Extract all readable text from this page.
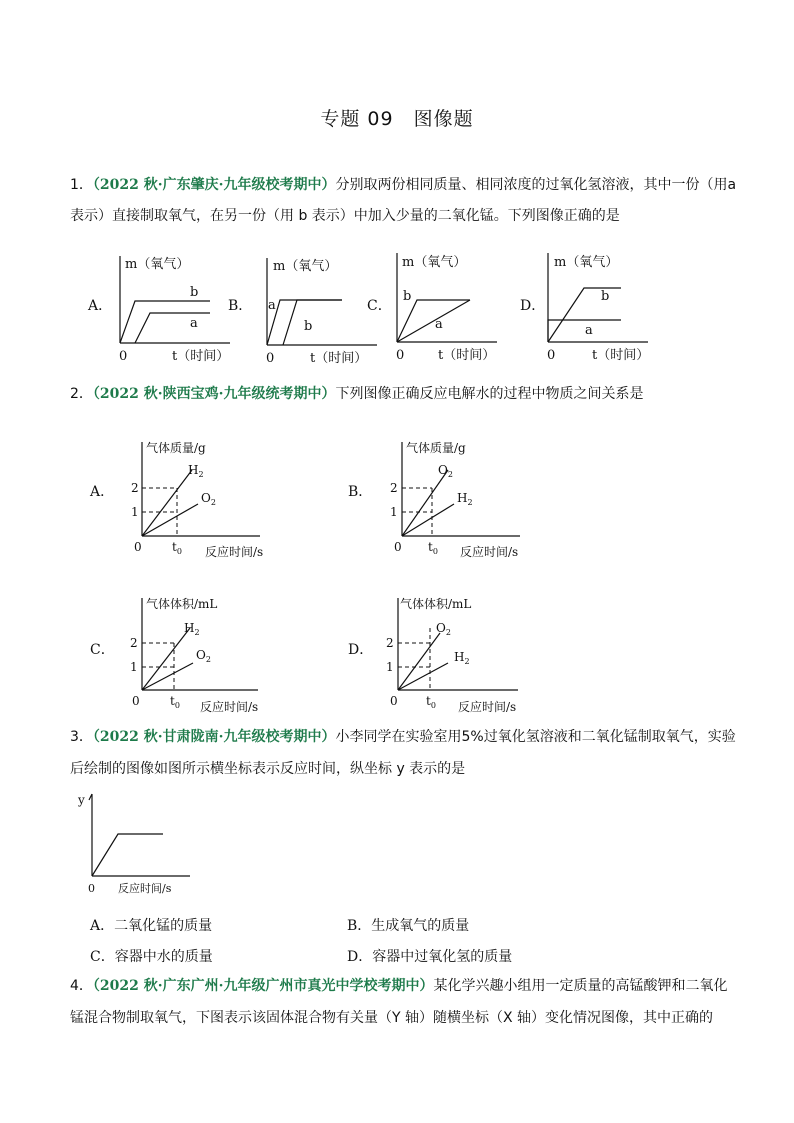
专题 09　图像题
1．（2022 秋·广东肇庆·九年级校考期中）分别取两份相同质量、相同浓度的过氧化氢溶液，其中一份（用a
表示）直接制取氧气，在另一份（用 b 表示）中加入少量的二氧化锰。下列图像正确的是
A．
m（氧气）
b
a
0	t（时间）
B．
m（氧气）
a
b
0	t（时间）
C．
m（氧气）
b
a
0	t（时间）
D．
m（氧气）
b
a
0	t（时间）
2．（2022 秋·陕西宝鸡·九年级统考期中）下列图像正确反应电解水的过程中物质之间关系是
A．
气体质量/g
$H_2$
$O_2$
2
1
0	$t_0$ 反应时间/s
B．
气体质量/g
$O_2$
$H_2$
2
1
0 $t_0$ 反应时间/s
C．
气体体积/mL
$H_2$
$O_2$
2
1
0	$t_0$ 反应时间/s
D．
气体体积/mL
$O_2$
$H_2$
2
1
0 $t_0$ 反应时间/s
3．（2022 秋·甘肃陇南·九年级校考期中）小李同学在实验室用5%过氧化氢溶液和二氧化锰制取氧气，实验
后绘制的图像如图所示横坐标表示反应时间，纵坐标 y 表示的是
y
0 反应时间/s
A．二氧化锰的质量	B．生成氧气的质量
C．容器中水的质量	D．容器中过氧化氢的质量
4．（2022 秋·广东广州·九年级广州市真光中学校考期中）某化学兴趣小组用一定质量的高锰酸钾和二氧化
锰混合物制取氧气，下图表示该固体混合物有关量（Y 轴）随横坐标（X 轴）变化情况图像，其中正确的
